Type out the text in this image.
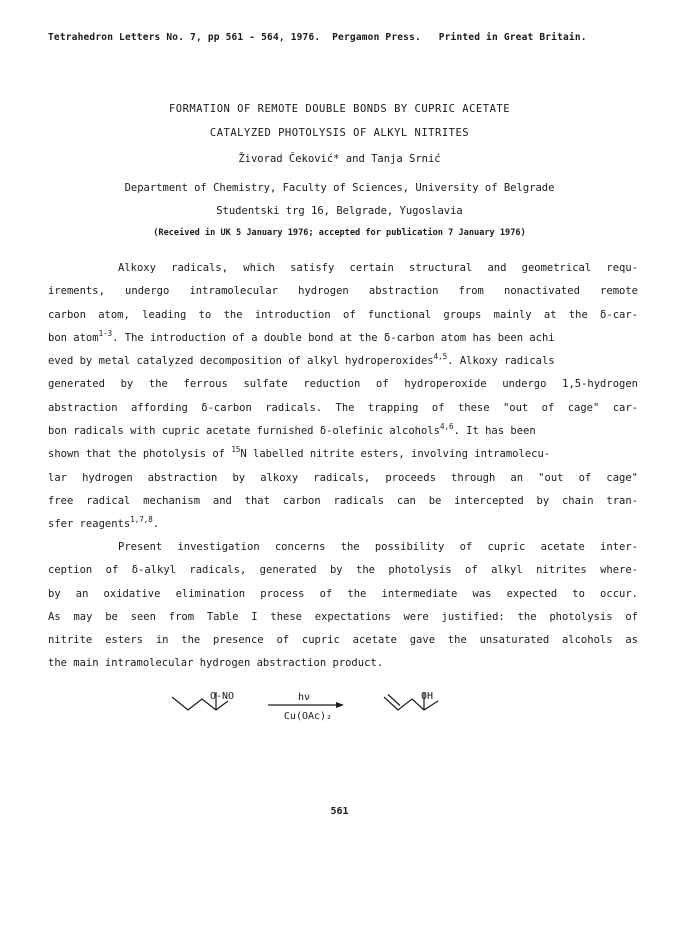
Tetrahedron Letters No. 7, pp 561 - 564, 1976. Pergamon Press. Printed in Great Britain.
FORMATION OF REMOTE DOUBLE BONDS BY CUPRIC ACETATE
CATALYZED PHOTOLYSIS OF ALKYL NITRITES
Živorad Čeković* and Tanja Srnić
Department of Chemistry, Faculty of Sciences, University of Belgrade
Studentski trg 16, Belgrade, Yugoslavia
(Received in UK 5 January 1976; accepted for publication 7 January 1976)
Alkoxy radicals, which satisfy certain structural and geometrical requ-
irements, undergo intramolecular hydrogen abstraction from nonactivated remote
carbon atom, leading to the introduction of functional groups mainly at the δ-car-
bon atom$^{1-3}$. The introduction of a double bond at the δ-carbon atom has been achi
eved by metal catalyzed decomposition of alkyl hydroperoxides$^{4,5}$. Alkoxy radicals
generated by the ferrous sulfate reduction of hydroperoxide undergo 1,5-hydrogen
abstraction affording δ-carbon radicals. The trapping of these "out of cage" car-
bon radicals with cupric acetate furnished δ-olefinic alcohols$^{4,6}$. It has been
shown that the photolysis of $^{15}$N labelled nitrite esters, involving intramolecu-
lar hydrogen abstraction by alkoxy radicals, proceeds through an "out of cage"
free radical mechanism and that carbon radicals can be intercepted by chain tran-
sfer reagents$^{1,7,8}$.
Present investigation concerns the possibility of cupric acetate inter-
ception of δ-alkyl radicals, generated by the photolysis of alkyl nitrites where-
by an oxidative elimination process of the intermediate was expected to occur.
As may be seen from Table I these expectations were justified: the photolysis of
nitrite esters in the presence of cupric acetate gave the unsaturated alcohols as
the main intramolecular hydrogen abstraction product.
O-NO	hν
Cu(OAc)₂
OH
561
